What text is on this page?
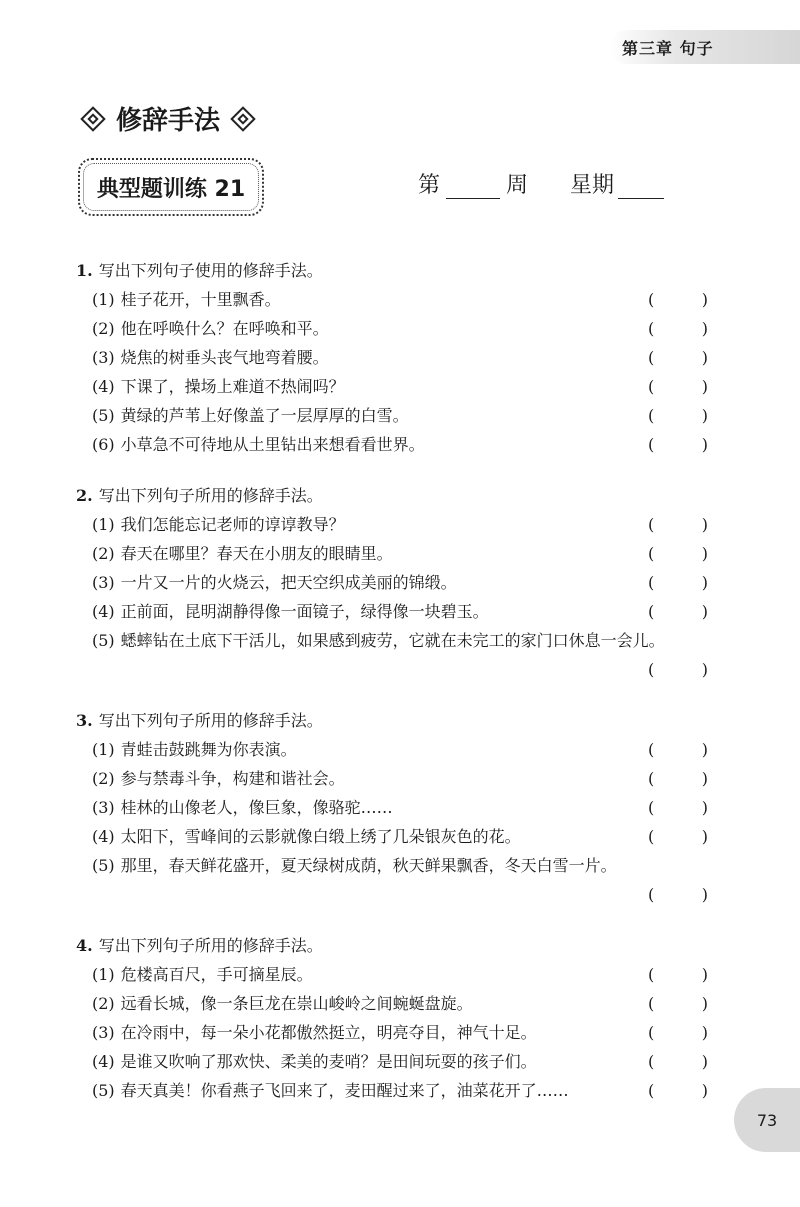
第三章 句子
修辞手法
典型题训练 21	第	周 星期
1. 写出下列句子使用的修辞手法。
(1) 桂子花开，十里飘香。	(	)
(2) 他在呼唤什么？在呼唤和平。	(	)
(3) 烧焦的树垂头丧气地弯着腰。	(	)
(4) 下课了，操场上难道不热闹吗？	(	)
(5) 黄绿的芦苇上好像盖了一层厚厚的白雪。	(	)
(6) 小草急不可待地从土里钻出来想看看世界。	(	)
2. 写出下列句子所用的修辞手法。
(1) 我们怎能忘记老师的谆谆教导？	(	)
(2) 春天在哪里？春天在小朋友的眼睛里。	(	)
(3) 一片又一片的火烧云，把天空织成美丽的锦缎。	(	)
(4) 正前面，昆明湖静得像一面镜子，绿得像一块碧玉。	(	)
(5) 蟋蟀钻在土底下干活儿，如果感到疲劳，它就在未完工的家门口休息一会儿。
(	)
3. 写出下列句子所用的修辞手法。
(1) 青蛙击鼓跳舞为你表演。	(	)
(2) 参与禁毒斗争，构建和谐社会。	(	)
(3) 桂林的山像老人，像巨象，像骆驼……	(	)
(4) 太阳下，雪峰间的云影就像白缎上绣了几朵银灰色的花。	(	)
(5) 那里，春天鲜花盛开，夏天绿树成荫，秋天鲜果飘香，冬天白雪一片。
(	)
4. 写出下列句子所用的修辞手法。
(1) 危楼高百尺，手可摘星辰。	(	)
(2) 远看长城，像一条巨龙在崇山峻岭之间蜿蜒盘旋。	(	)
(3) 在冷雨中，每一朵小花都傲然挺立，明亮夺目，神气十足。	(	)
(4) 是谁又吹响了那欢快、柔美的麦哨？是田间玩耍的孩子们。	(	)
(5) 春天真美！你看燕子飞回来了，麦田醒过来了，油菜花开了……	(	)
73
